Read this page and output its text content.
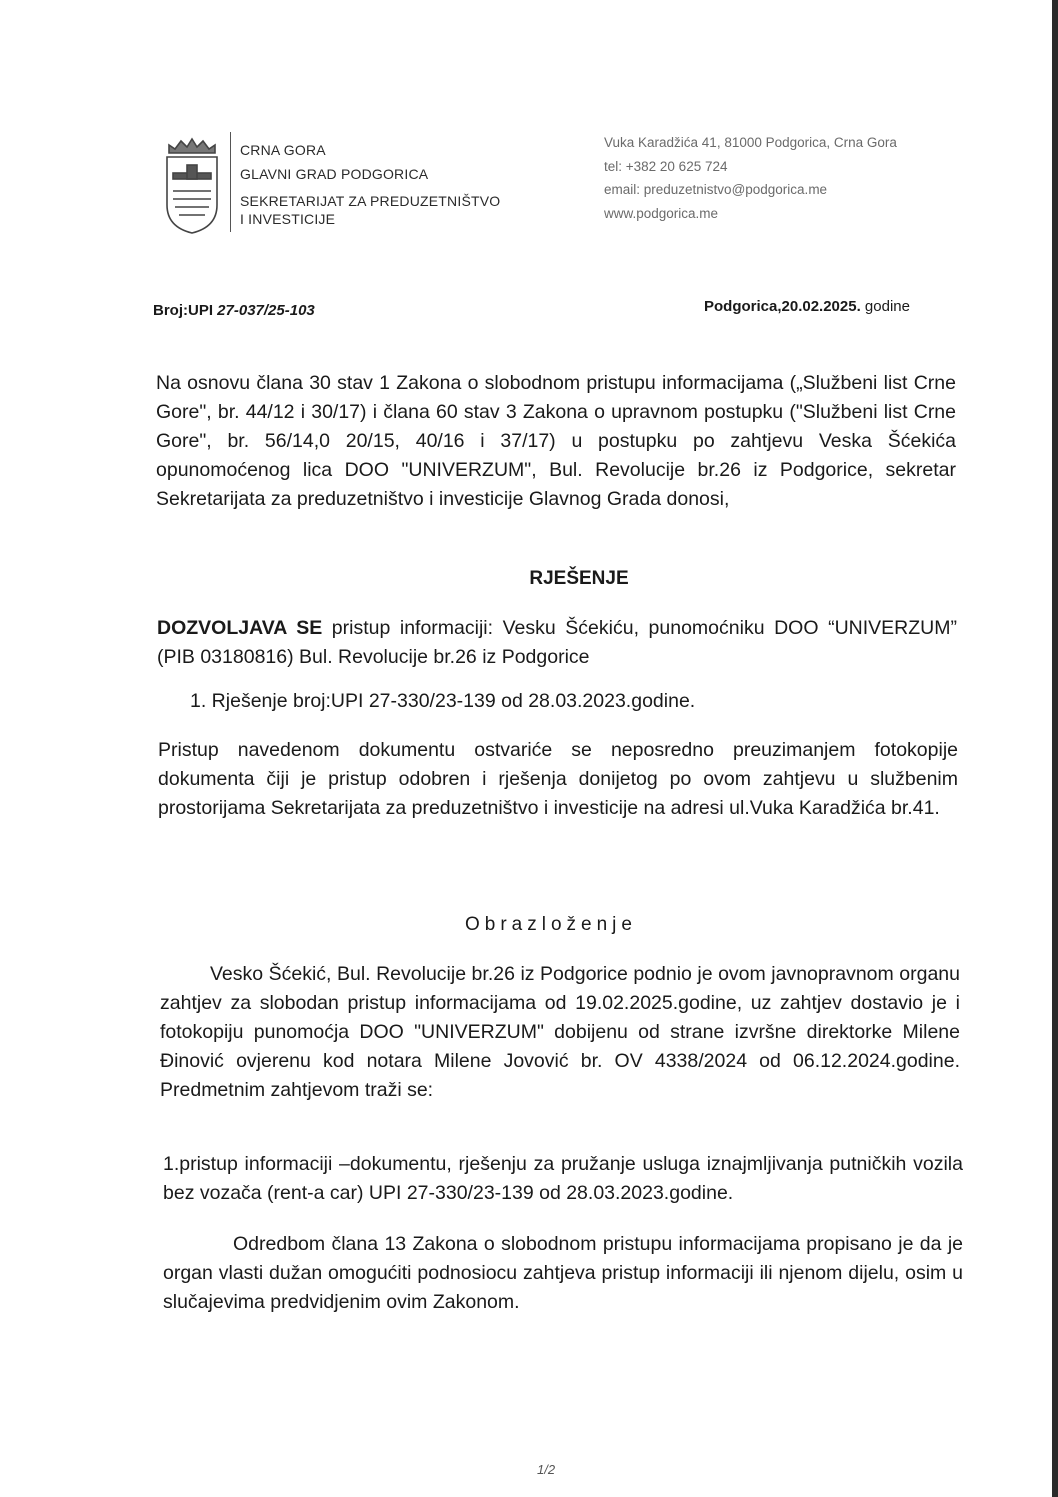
CRNA GORA
GLAVNI GRAD PODGORICA
SEKRETARIJAT ZA PREDUZETNIŠTVO
I INVESTICIJE
Vuka Karadžića 41, 81000 Podgorica, Crna Gora
tel: +382 20 625 724
email: preduzetnistvo@podgorica.me
www.podgorica.me
Broj:UPI 27-037/25-103	Podgorica,20.02.2025. godine
Na osnovu člana 30 stav 1 Zakona o slobodnom pristupu informacijama („Službeni list Crne Gore", br. 44/12 i 30/17) i člana 60 stav 3 Zakona o upravnom postupku ("Službeni list Crne Gore", br. 56/14,0 20/15, 40/16 i 37/17) u postupku po zahtjevu Veska Šćekića opunomoćenog lica DOO "UNIVERZUM", Bul. Revolucije br.26 iz Podgorice, sekretar Sekretarijata za preduzetništvo i investicije Glavnog Grada donosi,
RJEŠENJE
DOZVOLJAVA SE pristup informaciji: Vesku Šćekiću, punomoćniku DOO “UNIVERZUM” (PIB 03180816) Bul. Revolucije br.26 iz Podgorice
1. Rješenje broj:UPI 27-330/23-139 od 28.03.2023.godine.
Pristup navedenom dokumentu ostvariće se neposredno preuzimanjem fotokopije dokumenta čiji je pristup odobren i rješenja donijetog po ovom zahtjevu u službenim prostorijama Sekretarijata za preduzetništvo i investicije na adresi ul.Vuka Karadžića br.41.
Obrazloženje
Vesko Šćekić, Bul. Revolucije br.26 iz Podgorice podnio je ovom javnopravnom organu zahtjev za slobodan pristup informacijama od 19.02.2025.godine, uz zahtjev dostavio je i fotokopiju punomoćja DOO "UNIVERZUM" dobijenu od strane izvršne direktorke Milene Đinović ovjerenu kod notara Milene Jovović br. OV 4338/2024 od 06.12.2024.godine. Predmetnim zahtjevom traži se:
1.pristup informaciji –dokumentu, rješenju za pružanje usluga iznajmljivanja putničkih vozila bez vozača (rent-a car) UPI 27-330/23-139 od 28.03.2023.godine.
Odredbom člana 13 Zakona o slobodnom pristupu informacijama propisano je da je organ vlasti dužan omogućiti podnosiocu zahtjeva pristup informaciji ili njenom dijelu, osim u slučajevima predvidjenim ovim Zakonom.
1/2
